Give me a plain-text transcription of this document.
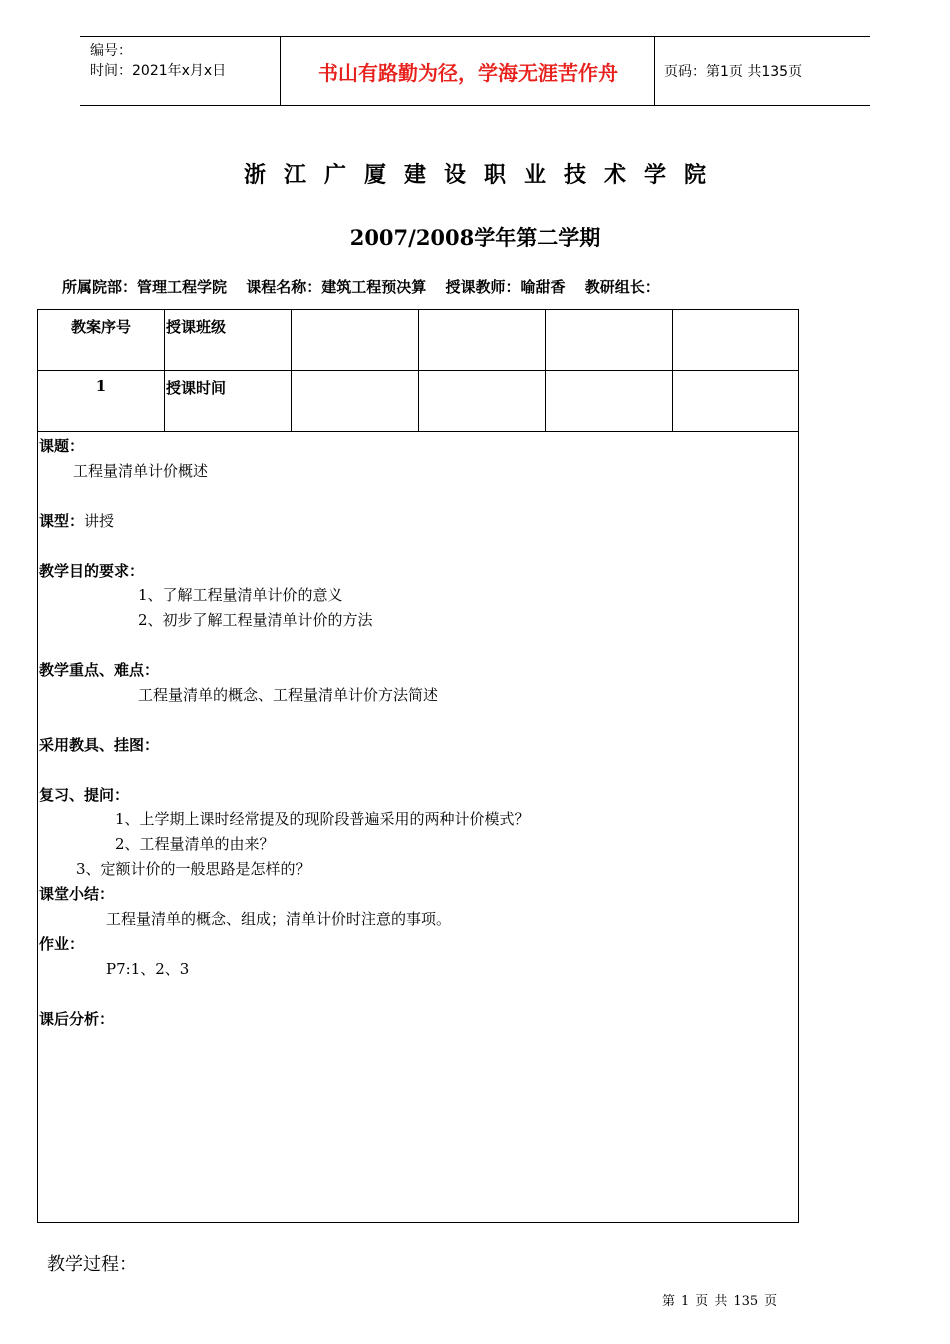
编号：
时间：2021年x月x日	书山有路勤为径，学海无涯苦作舟	页码：第1页 共135页
浙江广厦建设职业技术学院
2007/2008学年第二学期
所属院部：管理工程学院 课程名称：建筑工程预决算 授课教师：喻甜香 教研组长：
教案序号	授课班级				

1	授课时间				

课题：
工程量清单计价概述
课型：讲授
教学目的要求：
1、了解工程量清单计价的意义
2、初步了解工程量清单计价的方法
教学重点、难点：
工程量清单的概念、工程量清单计价方法简述
采用教具、挂图：
复习、提问：
1、上学期上课时经常提及的现阶段普遍采用的两种计价模式？
2、工程量清单的由来？
3、定额计价的一般思路是怎样的？
课堂小结：
工程量清单的概念、组成；清单计价时注意的事项。
作业：
P7:1、2、3
课后分析：
教学过程：
第 1 页 共 135 页
